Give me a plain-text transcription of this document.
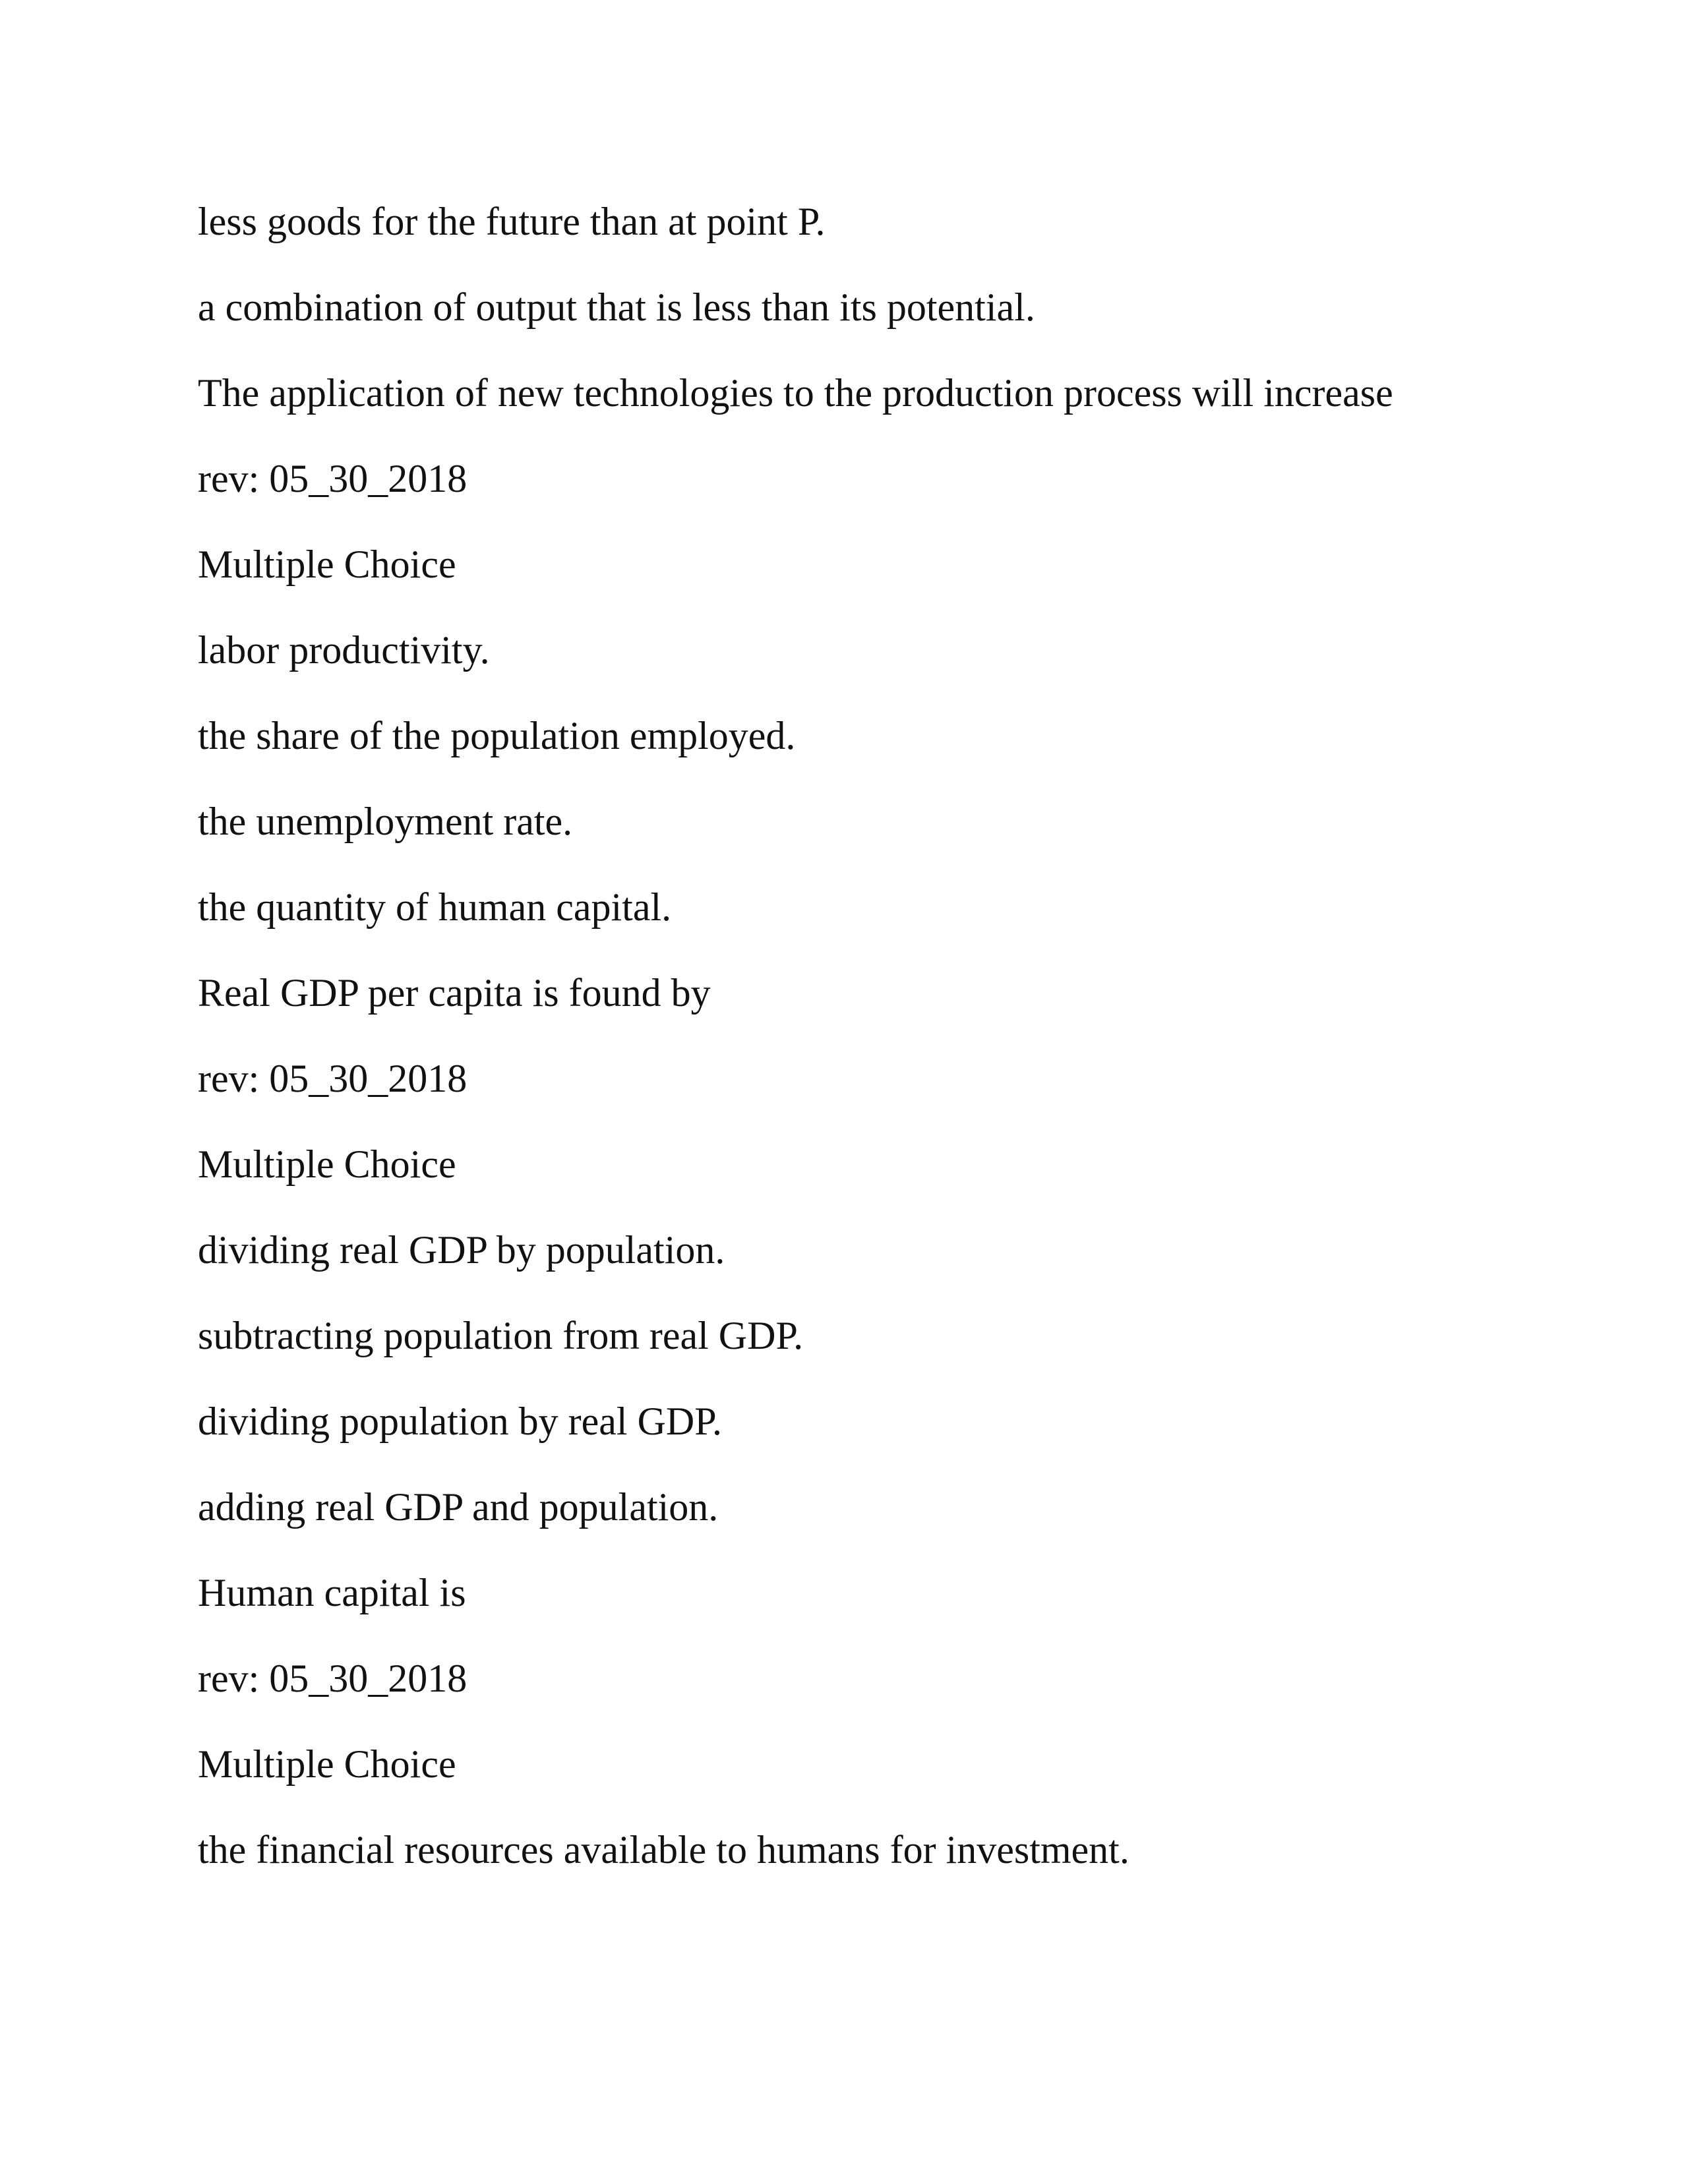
less goods for the future than at point P.

a combination of output that is less than its potential.

The application of new technologies to the production process will increase

rev: 05_30_2018

Multiple Choice

labor productivity.

the share of the population employed.

the unemployment rate.

the quantity of human capital.

Real GDP per capita is found by

rev: 05_30_2018

Multiple Choice

dividing real GDP by population.

subtracting population from real GDP.

dividing population by real GDP.

adding real GDP and population.

Human capital is

rev: 05_30_2018

Multiple Choice

the financial resources available to humans for investment.
